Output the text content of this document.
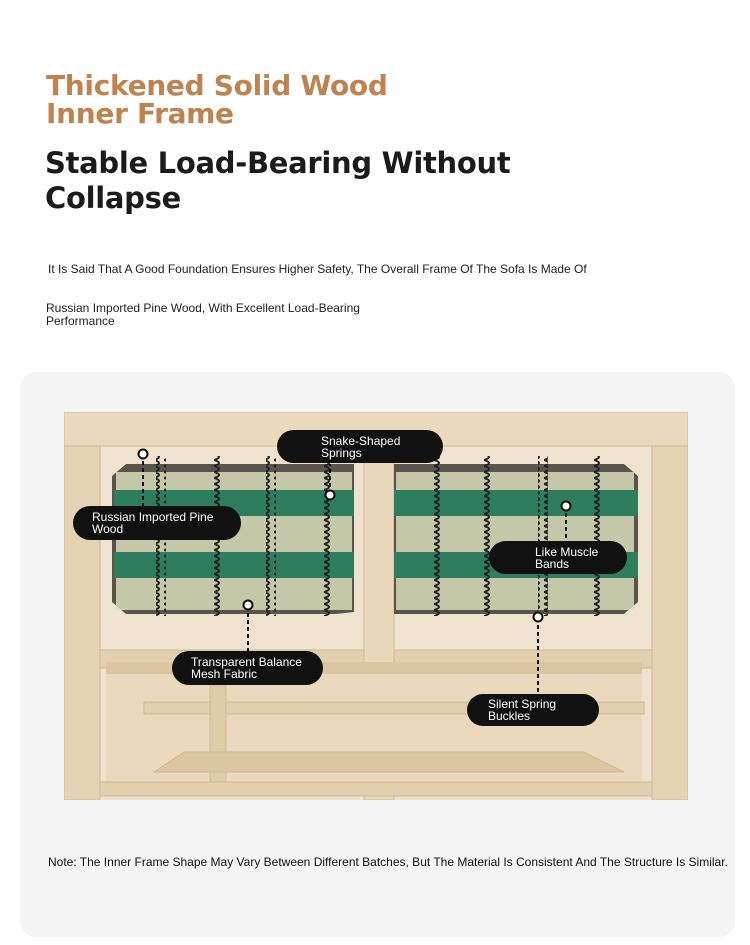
Thickened Solid Wood
Inner Frame
Stable Load-Bearing Without
Collapse

It Is Said That A Good Foundation Ensures Higher Safety, The Overall Frame Of The Sofa Is Made Of

Russian Imported Pine Wood, With Excellent Load-Bearing Performance

Snake-Shaped Springs
Russian Imported Pine Wood
Like Muscle Bands
Transparent Balance Mesh Fabric
Silent Spring Buckles

Note: The Inner Frame Shape May Vary Between Different Batches, But The Material Is Consistent And The Structure Is Similar.
